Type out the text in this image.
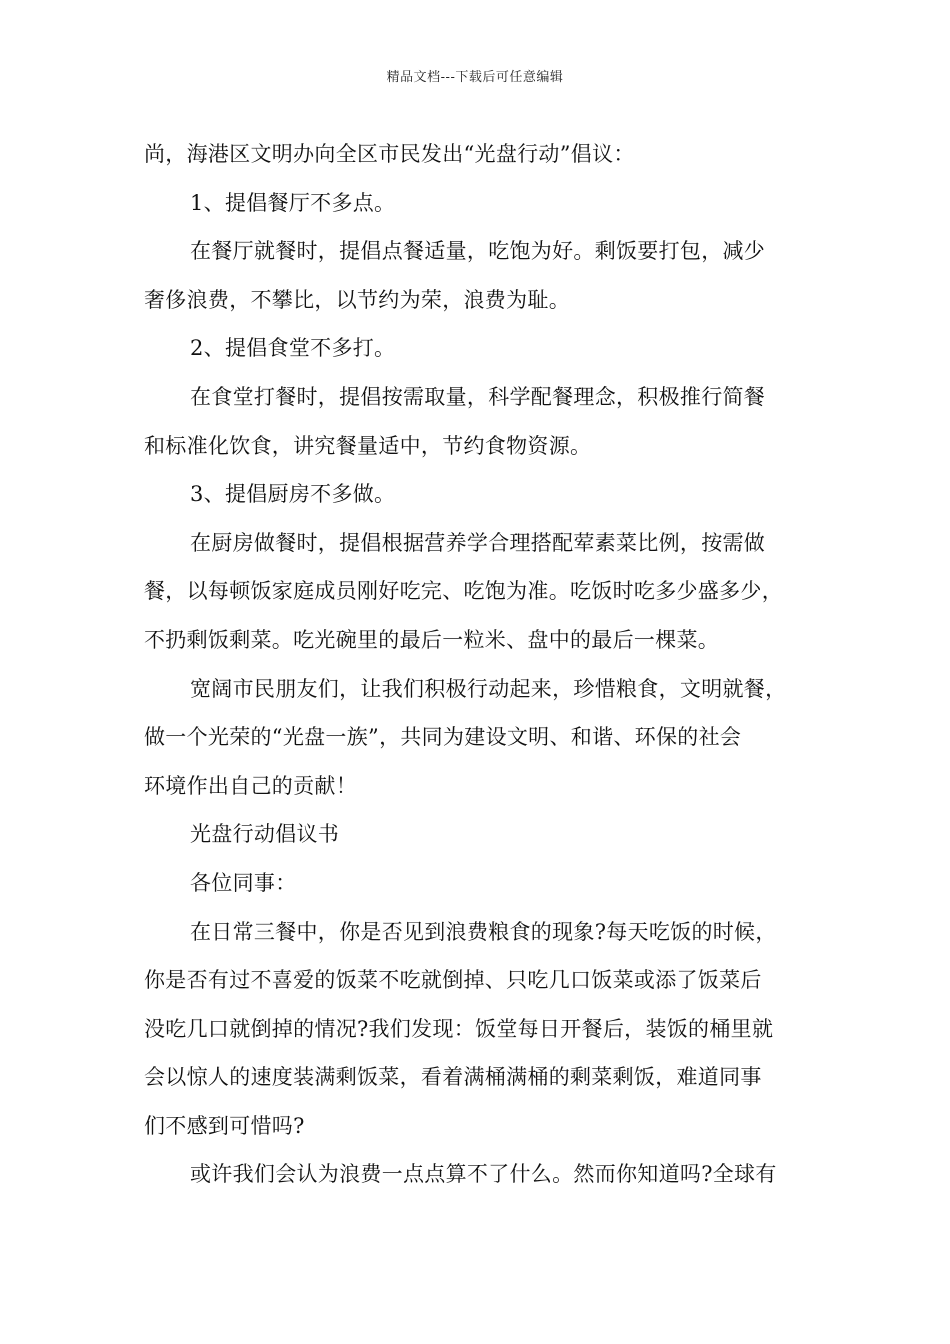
精品文档---下载后可任意编辑
尚，海港区文明办向全区市民发出“光盘行动”倡议：
1、提倡餐厅不多点。
在餐厅就餐时，提倡点餐适量，吃饱为好。剩饭要打包，减少
奢侈浪费，不攀比，以节约为荣，浪费为耻。
2、提倡食堂不多打。
在食堂打餐时，提倡按需取量，科学配餐理念，积极推行简餐
和标准化饮食，讲究餐量适中，节约食物资源。
3、提倡厨房不多做。
在厨房做餐时，提倡根据营养学合理搭配荤素菜比例，按需做
餐，以每顿饭家庭成员刚好吃完、吃饱为准。吃饭时吃多少盛多少，
不扔剩饭剩菜。吃光碗里的最后一粒米、盘中的最后一棵菜。
宽阔市民朋友们，让我们积极行动起来，珍惜粮食，文明就餐，
做一个光荣的“光盘一族”，共同为建设文明、和谐、环保的社会
环境作出自己的贡献！
光盘行动倡议书
各位同事：
在日常三餐中，你是否见到浪费粮食的现象?每天吃饭的时候，
你是否有过不喜爱的饭菜不吃就倒掉、只吃几口饭菜或添了饭菜后
没吃几口就倒掉的情况?我们发现：饭堂每日开餐后，装饭的桶里就
会以惊人的速度装满剩饭菜，看着满桶满桶的剩菜剩饭，难道同事
们不感到可惜吗?
或许我们会认为浪费一点点算不了什么。然而你知道吗?全球有
